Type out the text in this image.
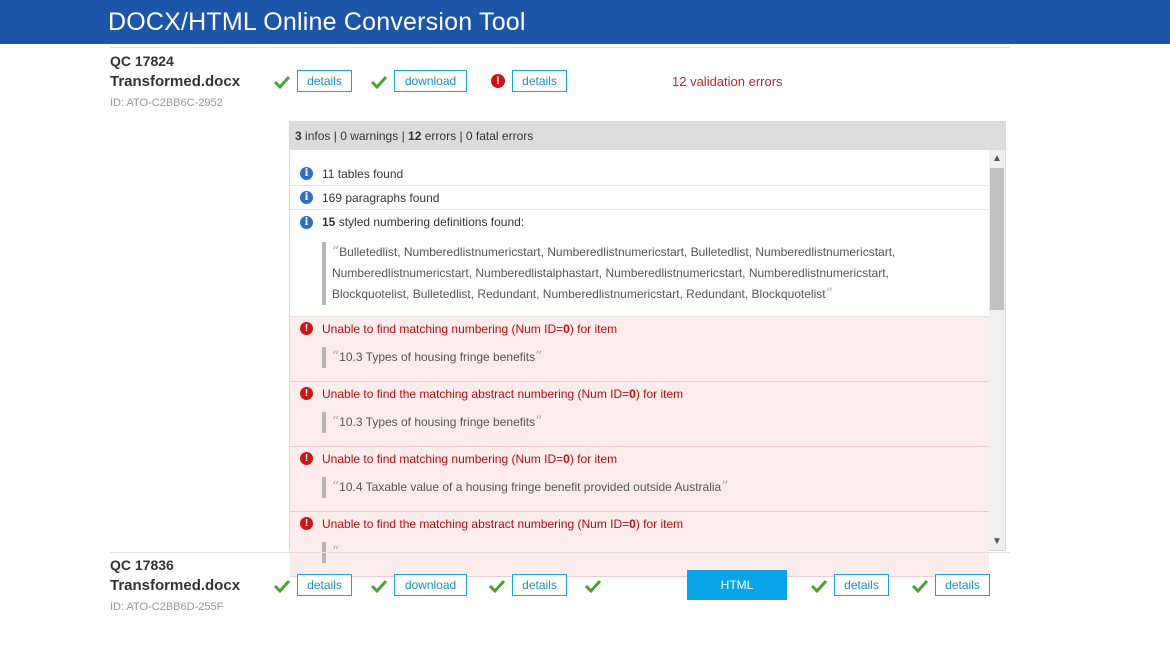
DOCX/HTML Online Conversion Tool
QC 17824
Transformed.docx
ID: ATO-C2BB6C-2952
details	download	!	details	12 validation errors
3 infos | 0 warnings | 12 errors | 0 fatal errors
i	11 tables found
i	169 paragraphs found
i	15 styled numbering definitions found:
“Bulletedlist, Numberedlistnumericstart, Numberedlistnumericstart, Bulletedlist, Numberedlistnumericstart,
Numberedlistnumericstart, Numberedlistalphastart, Numberedlistnumericstart, Numberedlistnumericstart,
Blockquotelist, Bulletedlist, Redundant, Numberedlistnumericstart, Redundant, Blockquotelist”
!	Unable to find matching numbering (Num ID=0) for item
“10.3 Types of housing fringe benefits”
!	Unable to find the matching abstract numbering (Num ID=0) for item
“10.3 Types of housing fringe benefits”
!	Unable to find matching numbering (Num ID=0) for item
“10.4 Taxable value of a housing fringe benefit provided outside Australia”
!	Unable to find the matching abstract numbering (Num ID=0) for item
▲
▼
QC 17836
Transformed.docx
ID: ATO-C2BB6D-255F
details	download	details	HTML	details	details
